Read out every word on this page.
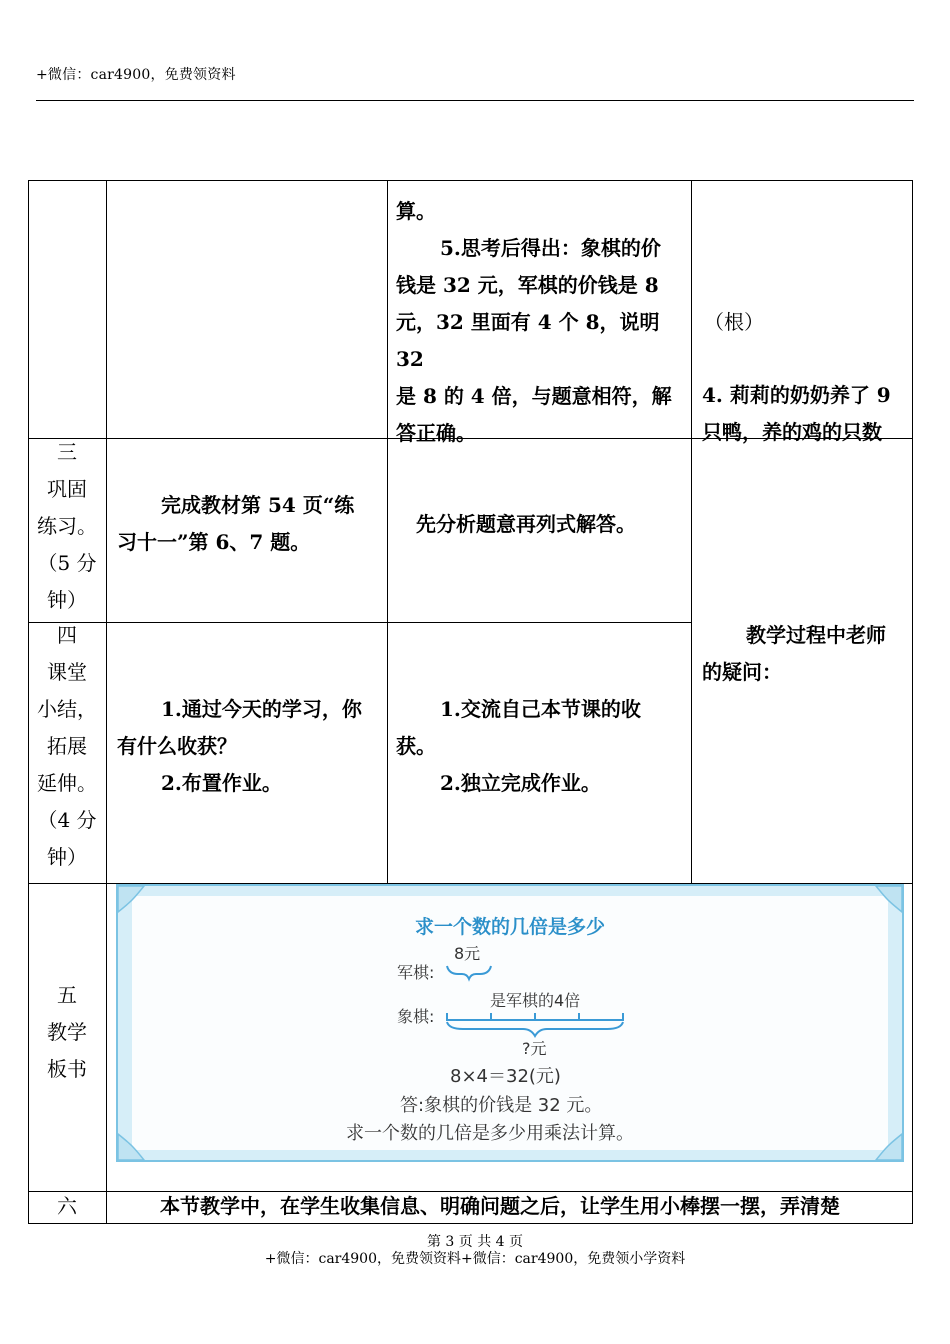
+微信：car4900，免费领资料
算。
5.思考后得出：象棋的价
钱是 32 元，军棋的价钱是 8
元，32 里面有 4 个 8，说明 32
是 8 的 4 倍，与题意相符，解
答正确。
（根）
4. 莉莉的奶奶养了 9
只鸭，养的鸡的只数
三
巩固
练习。
（5 分
钟）
完成教材第 54 页“练
习十一”第 6、7 题。
先分析题意再列式解答。
四
课堂
小结，
拓展
延伸。
（4 分
钟）
1.通过今天的学习，你
有什么收获？
2.布置作业。
1.交流自己本节课的收
获。
2.独立完成作业。
教学过程中老师
的疑问：
五
教学
板书
求一个数的几倍是多少
8元
军棋:
是军棋的4倍
象棋:
?元
8×4＝32(元)
答:象棋的价钱是 32 元。
求一个数的几倍是多少用乘法计算。
六	本节教学中，在学生收集信息、明确问题之后，让学生用小棒摆一摆，弄清楚
第 3 页 共 4 页
+微信：car4900，免费领资料+微信：car4900，免费领小学资料
